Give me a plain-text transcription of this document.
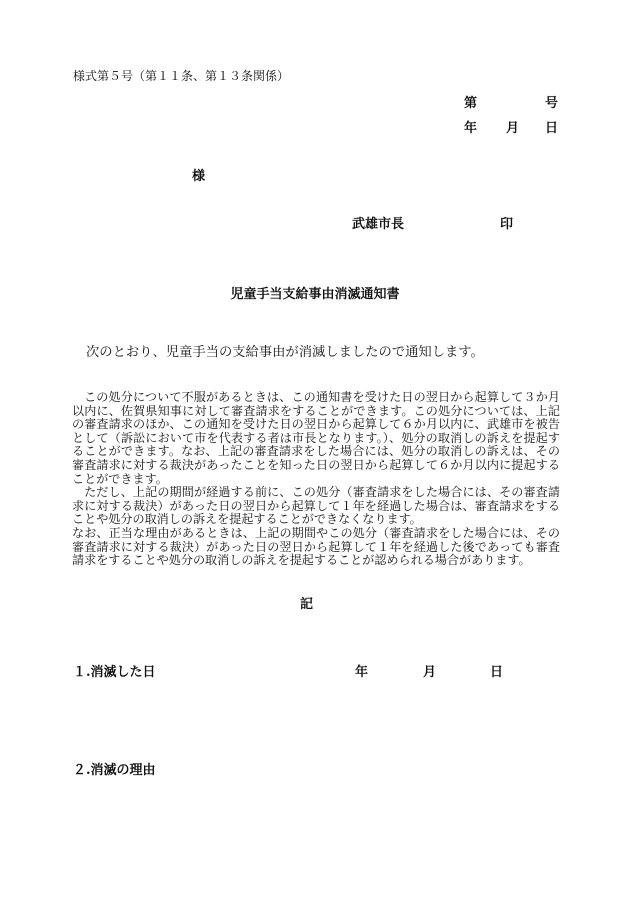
様式第５号（第１１条、第１３条関係）
第	号
年 月 日
様
武雄市長	印
児童手当支給事由消滅通知書
次のとおり、児童手当の支給事由が消滅しましたので通知します。

この処分について不服があるときは、この通知書を受けた日の翌日から起算して３か月以内に、佐賀県知事に対して審査請求をすることができます。この処分については、上記の審査請求のほか、この通知を受けた日の翌日から起算して６か月以内に、武雄市を被告として（訴訟において市を代表する者は市長となります。）、処分の取消しの訴えを提起することができます。なお、上記の審査請求をした場合には、処分の取消しの訴えは、その審査請求に対する裁決があったことを知った日の翌日から起算して６か月以内に提起することができます。

ただし、上記の期間が経過する前に、この処分（審査請求をした場合には、その審査請求に対する裁決）があった日の翌日から起算して１年を経過した場合は、審査請求をすることや処分の取消しの訴えを提起することができなくなります。

なお、正当な理由があるときは、上記の期間やこの処分（審査請求をした場合には、その審査請求に対する裁決）があった日の翌日から起算して１年を経過した後であっても審査請求をすることや処分の取消しの訴えを提起することが認められる場合があります。

記
１.消滅した日	年	月	日
２.消滅の理由
